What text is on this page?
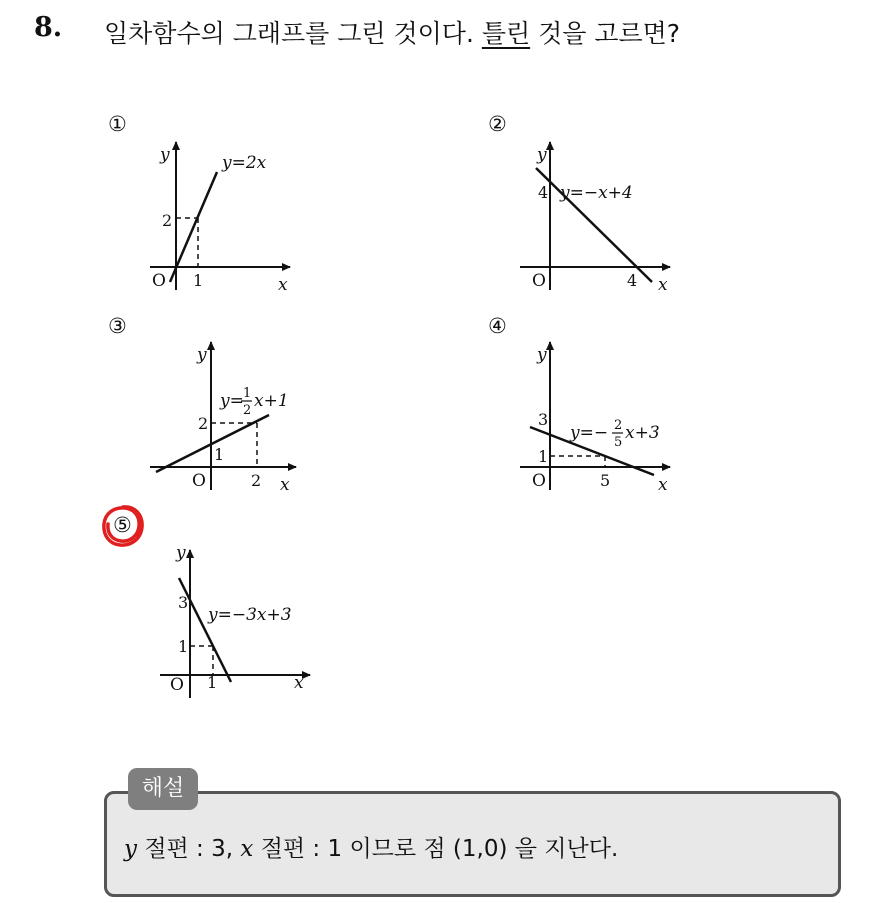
8. 일차함수의 그래프를 그린 것이다. 틀린 것을 고르면?
①
y
x
O
2
1
y=2x
②
y
x
O
4
4
y=−x+4
③
y
x
O
2
1
2
y= 1
2 x+1
④
y
x
O
3
1
5
y=− 2
5 x+3
⑤
y
x
O
3
1
1
y=−3x+3
해설
y 절편 : 3, x 절편 : 1 이므로 점 (1,0) 을 지난다.
